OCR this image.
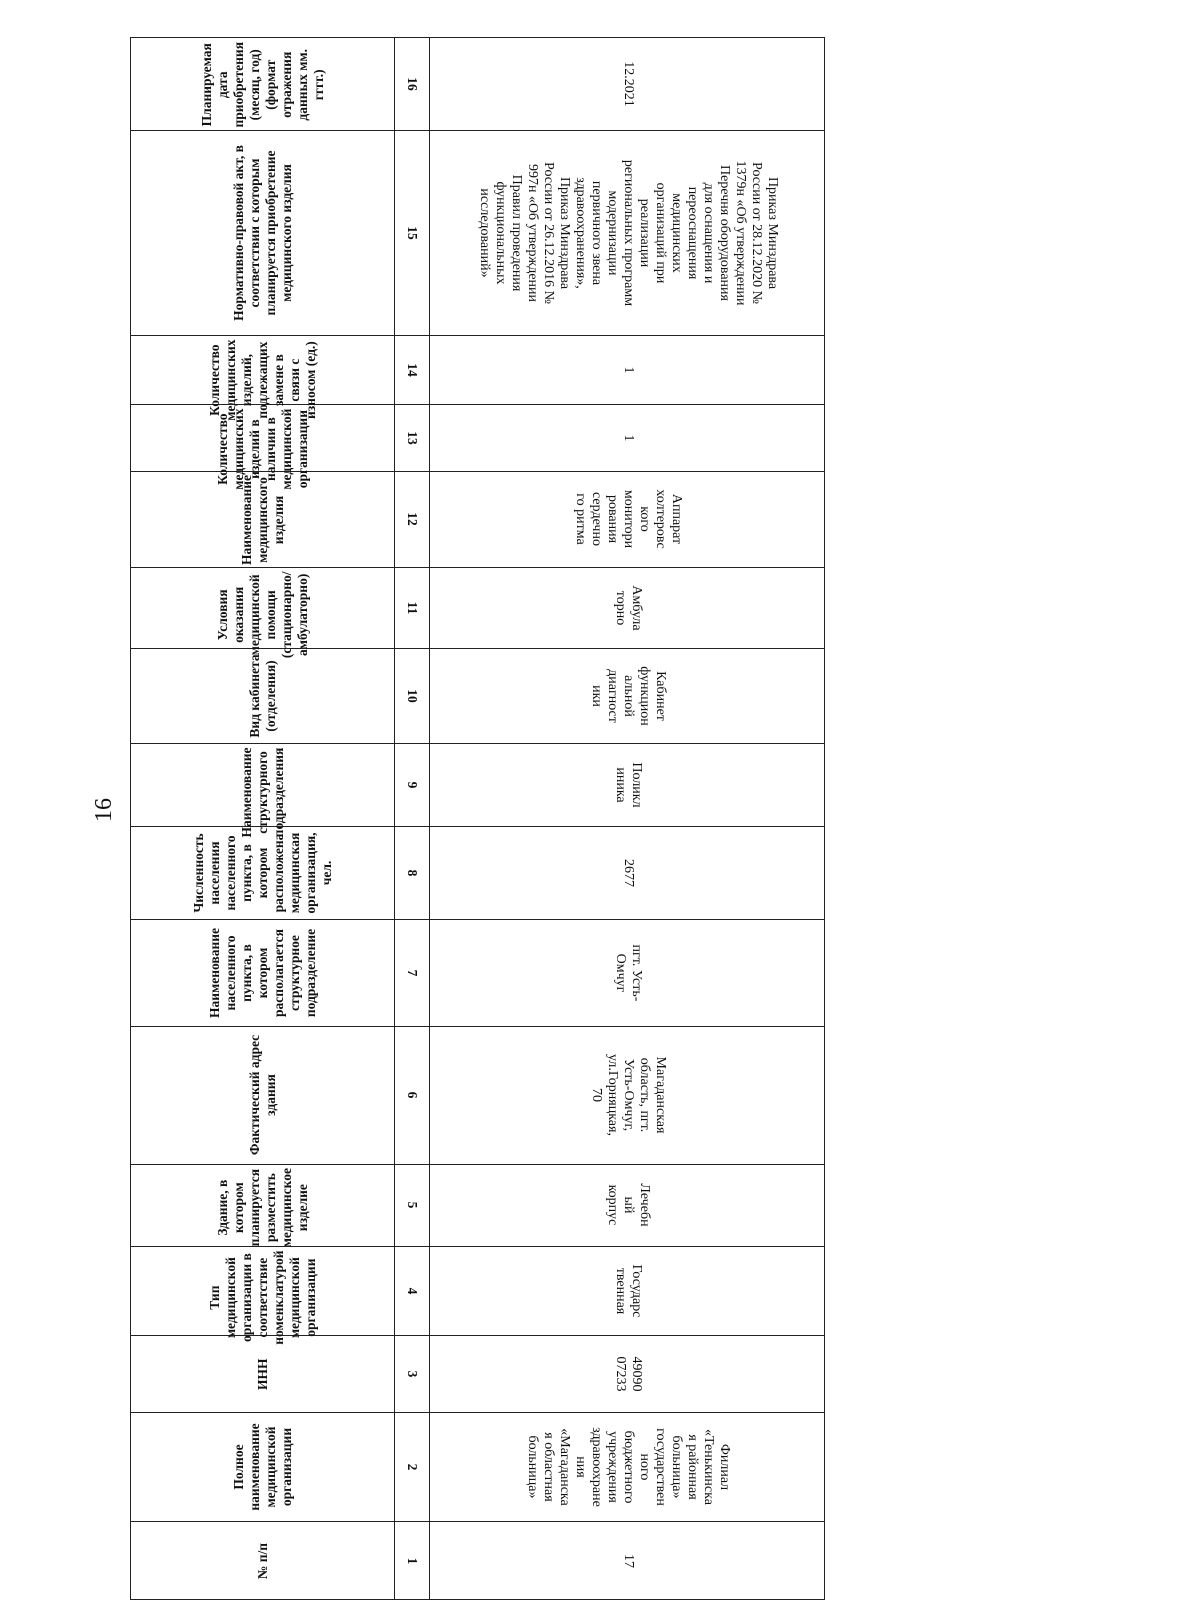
16
№ п/п	1	17
Полное наименование медицинской организации	2	Филиал
«Тенькинска
я районная
больница»
государствен
ного
бюджетного
учреждения
здравоохране
ния
«Магаданска
я областная
больница»
ИНН	3	49090
07233
Тип медицинской организации в соответствие номенклатурой медицинской организации	4	Государс
твенная
Здание, в котором планируется разместить медицинское изделие	5	Лечебн
ый
корпус
Фактический адрес здания	6	Магаданская
область, пгт.
Усть-Омчуг,
ул.Горняцкая,
70
Наименование населенного пункта, в котором располагается структурное подразделение	7
пгт. Усть-
Омчуг
Численность населения населенного пункта, в котором расположена медицинская организация, чел.	8	2677
Наименование структурного подразделения	9	Поликл
иника
Вид кабинета (отделения)	10	Кабинет
функцион
альной
диагност
ики
Условия оказания медицинской помощи (стационарно/амбулаторно)	11	Амбула
торно
Наименование медицинского изделия	12	Аппарат
холтеровс
кого
монитори
рования
сердечно
го ритма
Количество медицинских изделий в наличии в медицинской организации	13	1
Количество медицинских изделий, подлежащих замене в связи с износом (ед.)	14	1
Нормативно-правовой акт, в соответствии с которым планируется приобретение медицинского изделия	15
Приказ Минздрава
России от 28.12.2020 №
1379н «Об утверждении
Перечня оборудования
для оснащения и
переоснащения
медицинских
организаций при
реализации
региональных программ
модернизации
первичного звена
здравоохранения»,
Приказ Минздрава
России от 26.12.2016 №
997н «Об утверждении
Правил проведения
функциональных
исследований»
Планируемая дата приобретения (месяц, год) (формат отражения данных мм. гггг.)	16	12.2021
